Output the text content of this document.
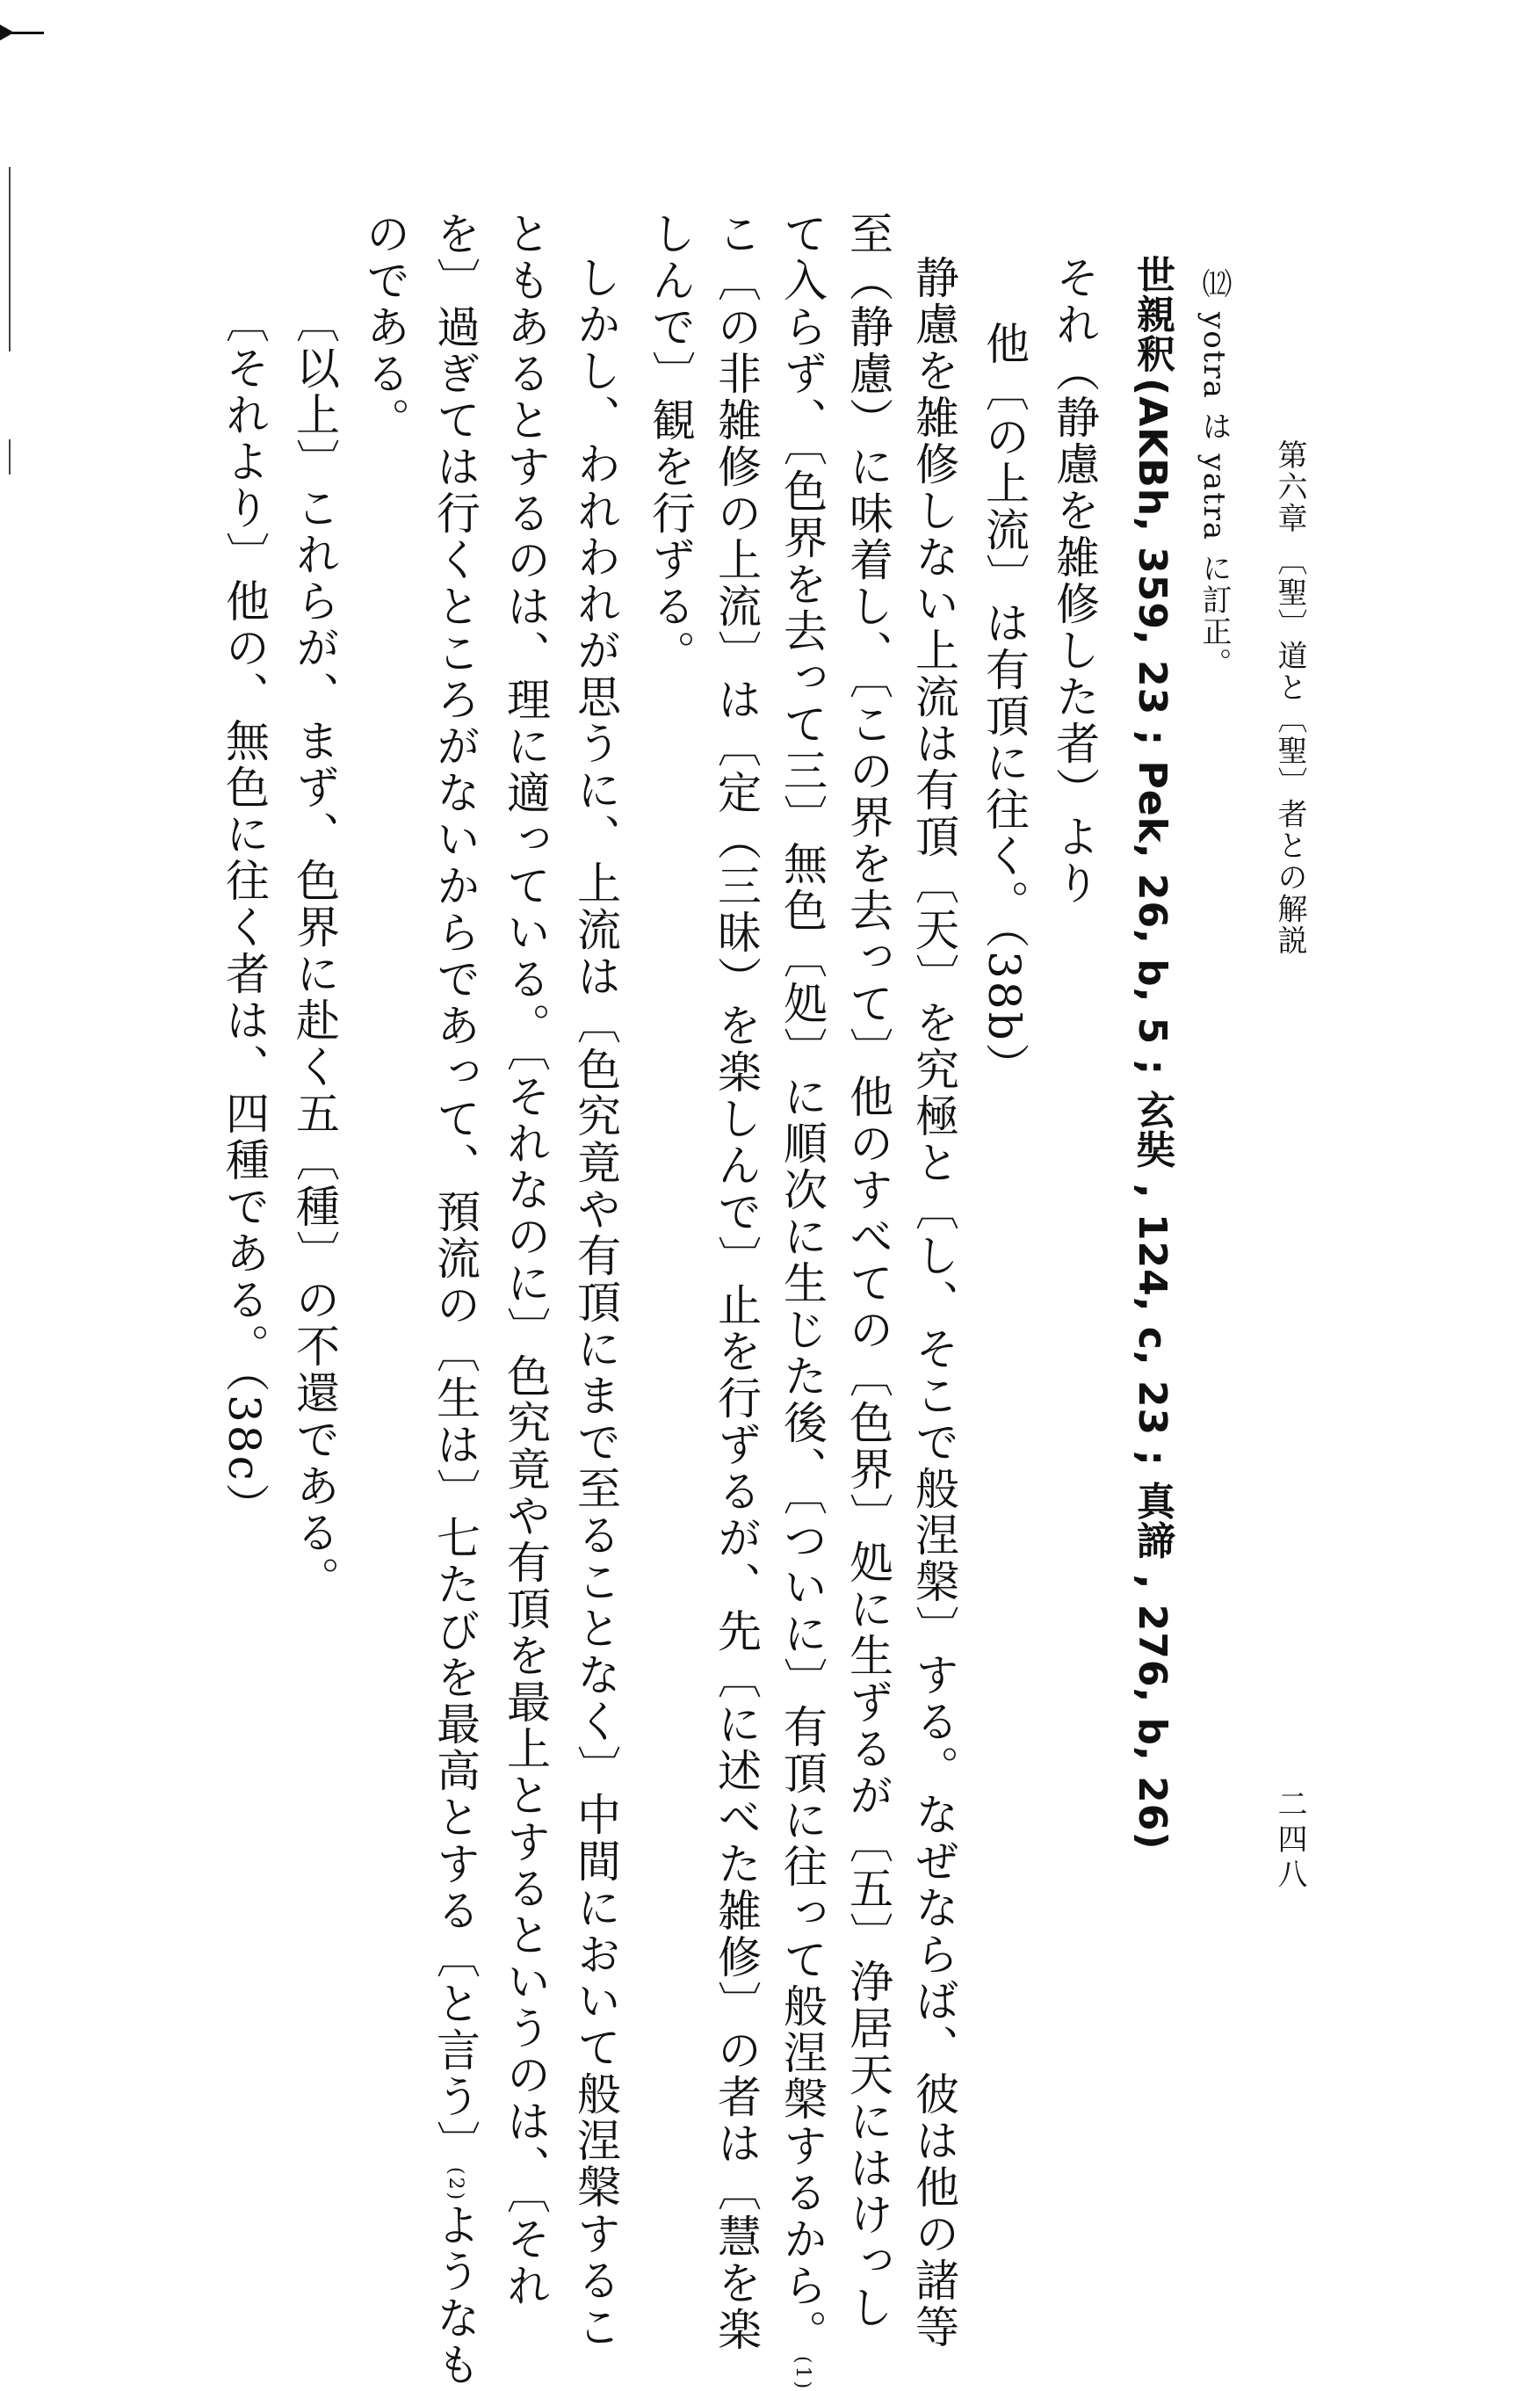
第六章 〔聖〕道と〔聖〕者との解説
二四八
⑿
yotra は yatra に訂正。
世親釈
(AKBh, 359, 23 ; Pek, 26, b, 5 ; 玄奘 , 124, c, 23 ; 真諦 , 276, b, 26)
それ（静慮を雑修した者）より
他〔の上流〕は有頂に往く。（38b）
静慮を雑修しない上流は有頂〔天〕を究極と〔し、そこで般涅槃〕する。なぜならば、彼は他の諸等
至（静慮）に味着し、〔この界を去って〕他のすべての〔色界〕処に生ずるが〔五〕浄居天にはけっし
て入らず、〔色界を去って三〕無色〔処〕に順次に生じた後、〔ついに〕有頂に往って般涅槃するから。(1)
こ〔の非雑修の上流〕は〔定（三昧）を楽しんで〕止を行ずるが、先〔に述べた雑修〕の者は〔慧を楽
しんで〕観を行ずる。
しかし、われわれが思うに、上流は〔色究竟や有頂にまで至ることなく〕中間において般涅槃するこ
ともあるとするのは、理に適っている。〔それなのに〕色究竟や有頂を最上とするというのは、〔それ
を〕過ぎては行くところがないからであって、預流の〔生は〕七たびを最高とする〔と言う〕(2)ようなも
のである。
〔以上〕これらが、まず、色界に赴く五〔種〕の不還である。
〔それより〕他の、無色に往く者は、四種である。（38c）
